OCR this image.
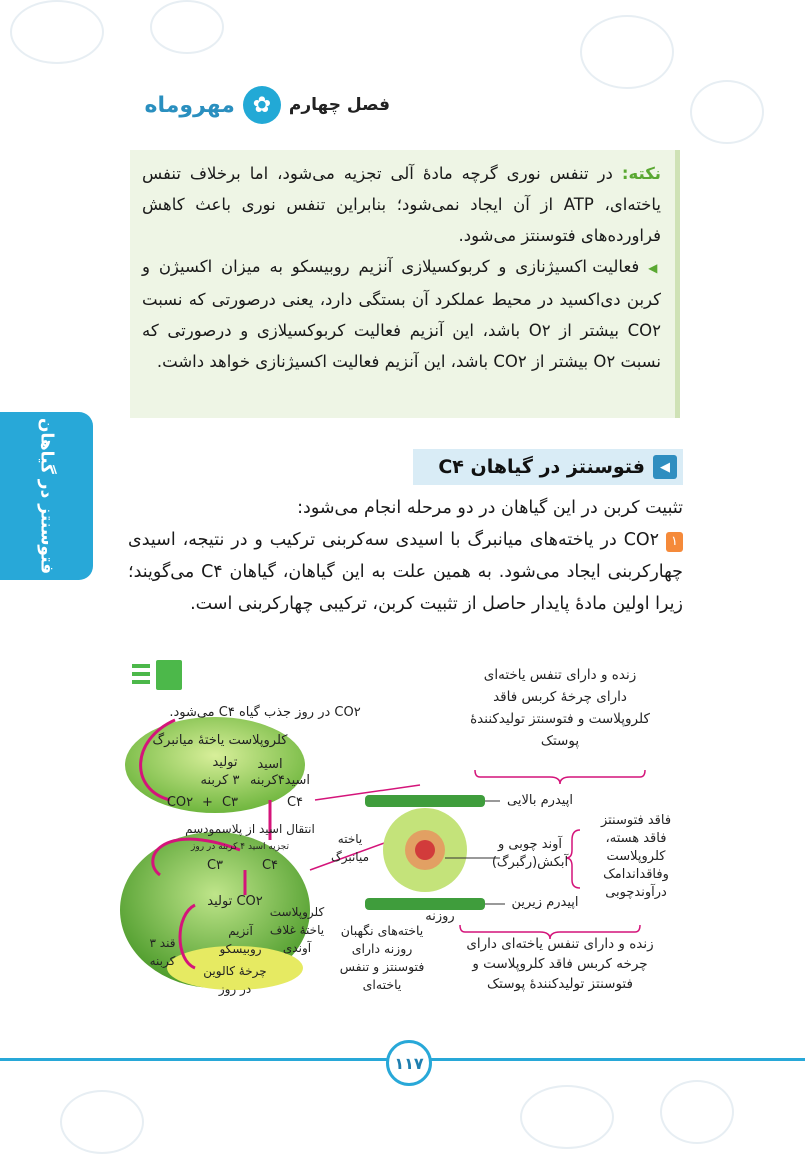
فصل چهارم
✿
مهروماه
نکته: در تنفس نوری گرچه مادهٔ آلی تجزیه می‌شود، اما برخلاف تنفس یاخته‌ای، ATP از آن ایجاد نمی‌شود؛ بنابراین تنفس نوری باعث کاهش فراورده‌های فتوسنتز می‌شود.
◀ فعالیت اکسیژنازی و کربوکسیلازی آنزیم روبیسکو به میزان اکسیژن و کربن دی‌اکسید در محیط عملکرد آن بستگی دارد، یعنی درصورتی که نسبت CO۲ بیشتر از O۲ باشد، این آنزیم فعالیت کربوکسیلازی و درصورتی که نسبت O۲ بیشتر از CO۲ باشد، این آنزیم فعالیت اکسیژنازی خواهد داشت.
فتوسنتز در گیاهان	◀
فتوسنتز در گیاهان C۴
تثبیت کربن در این گیاهان در دو مرحله انجام می‌شود:
۱ CO۲ در یاخته‌های میانبرگ با اسیدی سه‌کربنی ترکیب و در نتیجه، اسیدی چهارکربنی ایجاد می‌شود. به همین علت به این گیاهان، گیاهان C۴ می‌گویند؛ زیرا اولین مادهٔ پایدار حاصل از تثبیت کربن، ترکیبی چهارکربنی است.
CO۲ در روز جذب گیاه C۴ می‌شود.
کلروپلاست یاختهٔ میانبرگ
تولید	اسید
اسید۴کربنه
۳ کربنه
CO۲ + C۳	C۴
انتقال اسید از پلاسمودسم
تجزیه اسید ۴ کربنه در روز
C۳	C۴
CO۲ تولید
کلروپلاست یاختهٔ غلاف آوندی
آنزیم روبیسکو
قند ۳ کربنه
چرخهٔ کالوین در روز
یاخته میانبرگ
اپیدرم بالایی
آوند چوبی و آبکش(رگبرگ)
اپیدرم زیرین
روزنه
یاخته‌های نگهبان روزنه دارای فتوسنتز و تنفس یاخته‌ای
زنده و دارای تنفس یاخته‌ای دارای چرخهٔ کربس فاقد کلروپلاست و فتوسنتز تولیدکنندهٔ پوستک
زنده و دارای تنفس یاخته‌ای دارای چرخه کربس فاقد کلروپلاست و فتوسنتز تولیدکنندهٔ پوستک
فاقد فتوسنتز فاقد هسته، کلروپلاست وفاقداندامک درآوندچوبی
۱۱۷
